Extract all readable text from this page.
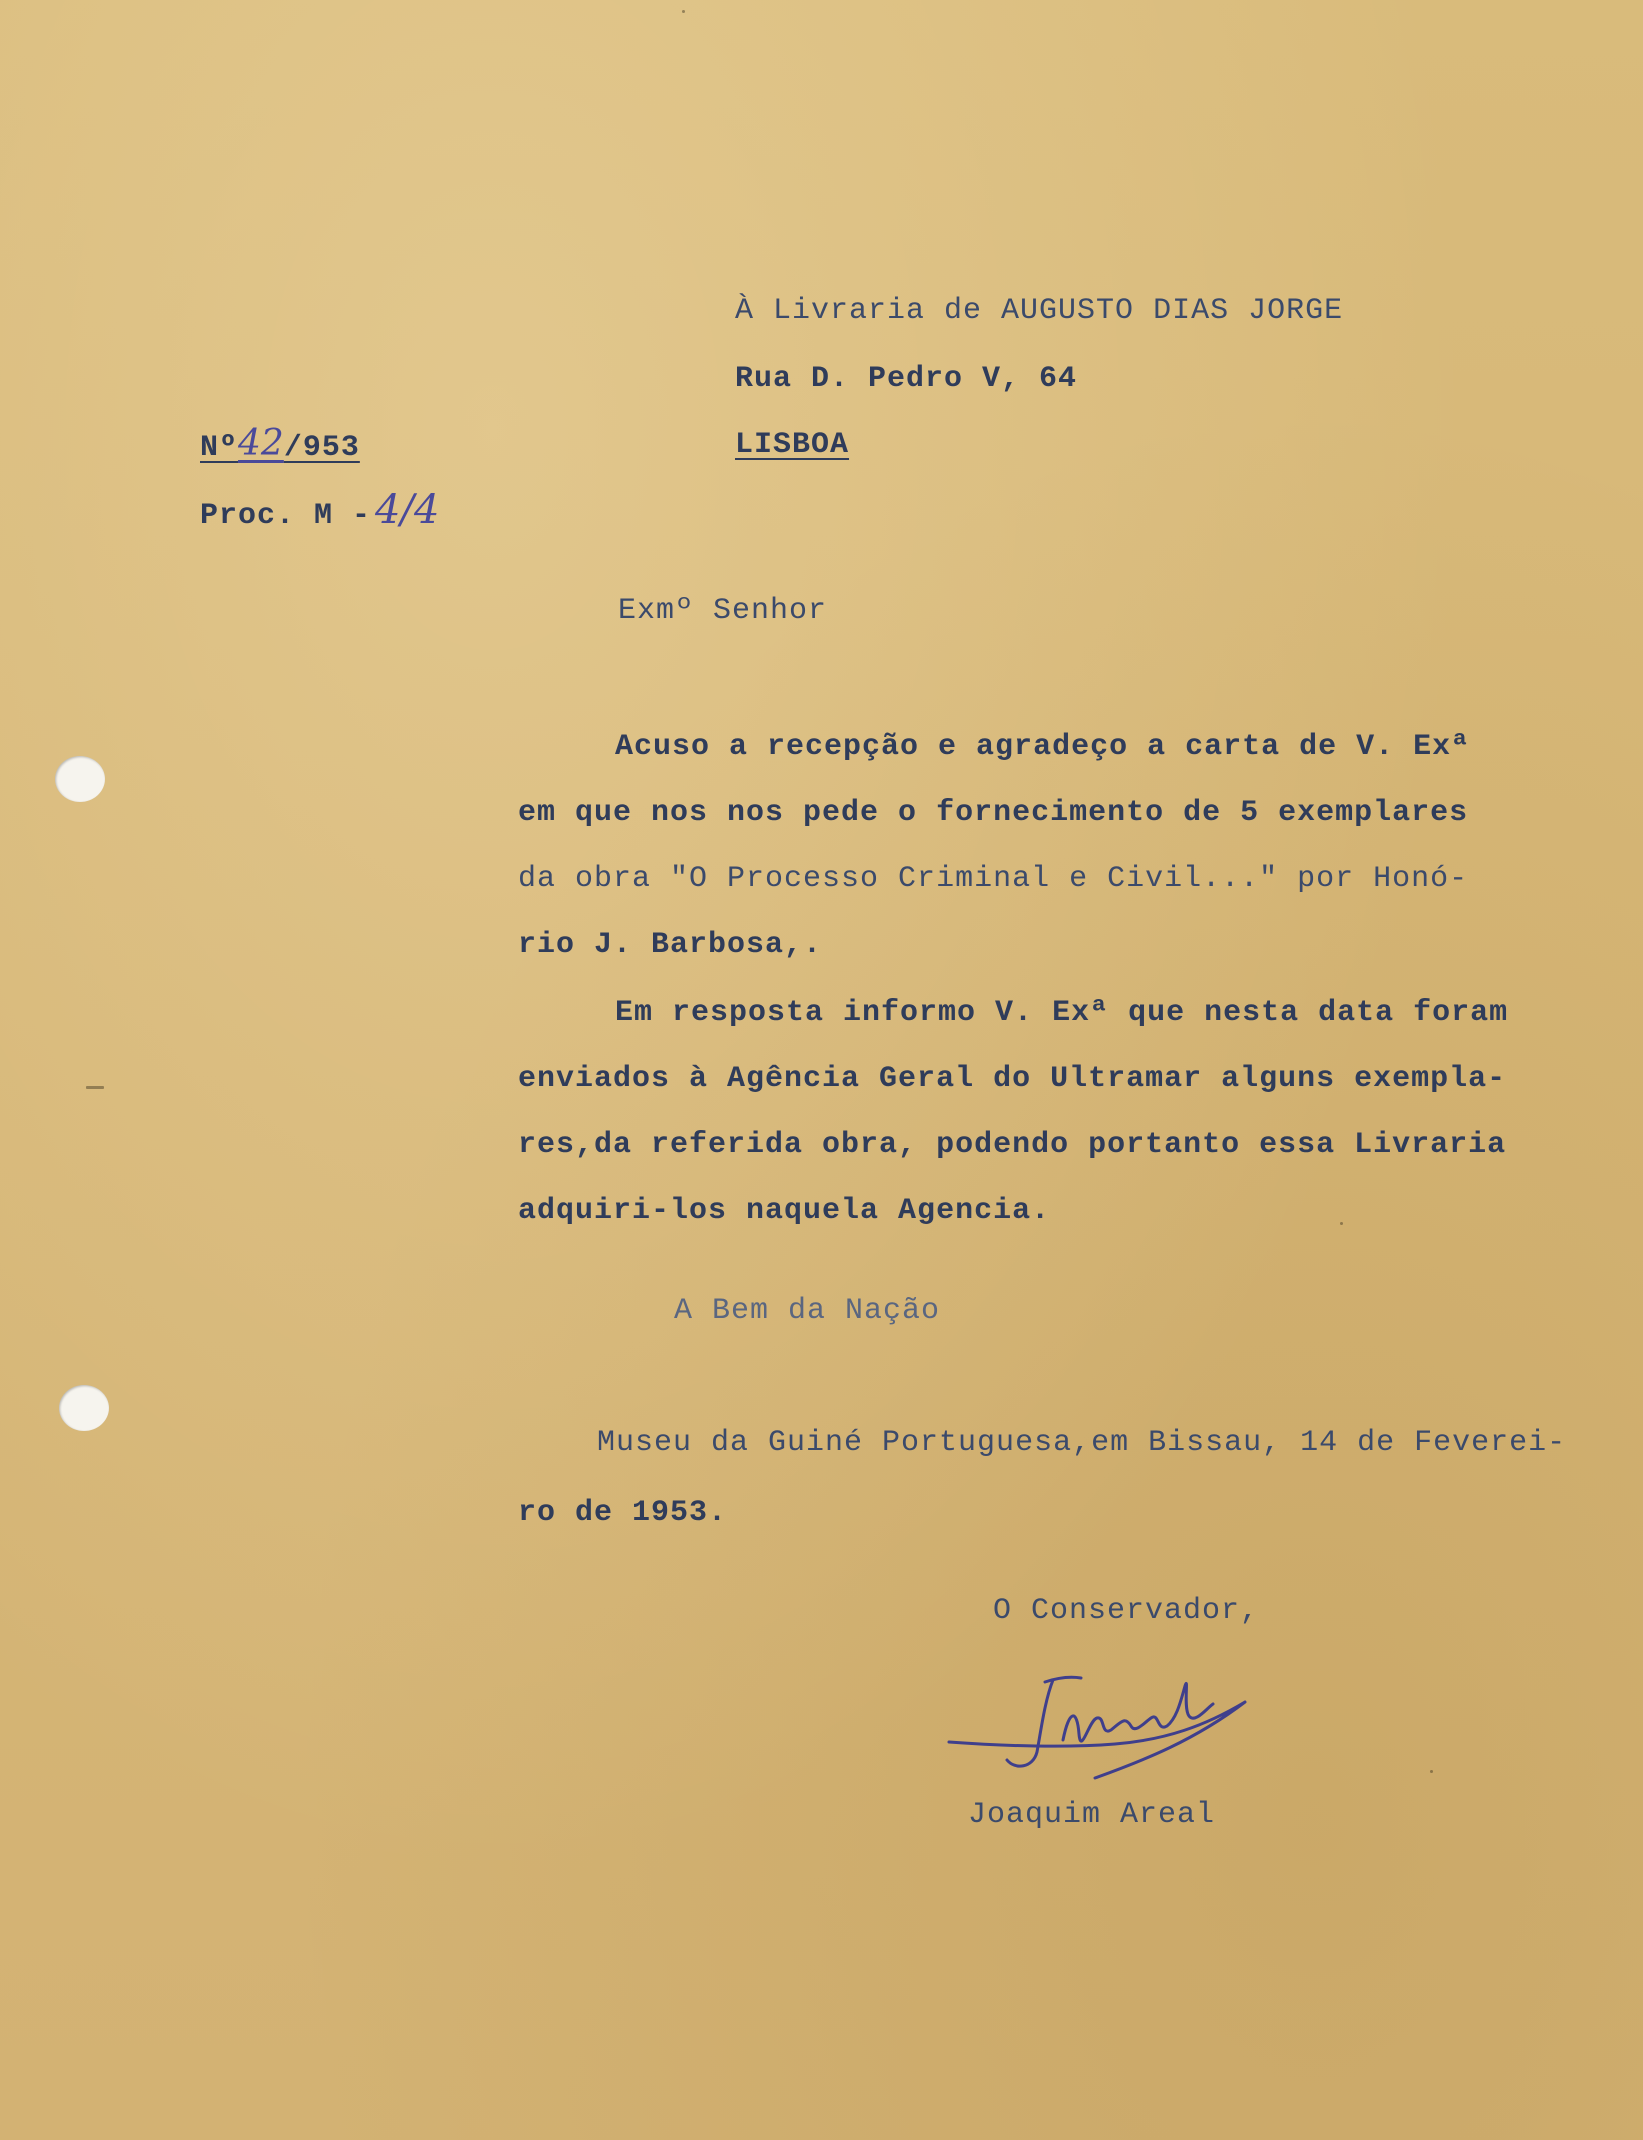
À Livraria de AUGUSTO DIAS JORGE

Rua D. Pedro V, 64

LISBOA

Nº42/953
Proc. M - 4/4

Exmº Senhor

Acuso a recepção e agradeço a carta de V. Exª

em que nos nos pede o fornecimento de 5 exemplares

da obra "O Processo Criminal e Civil..." por Honó-

rio J. Barbosa,.

Em resposta informo V. Exª que nesta data foram

enviados à Agência Geral do Ultramar alguns exempla-

res,da referida obra, podendo portanto essa Livraria

adquiri-los naquela Agencia.

A Bem da Nação

Museu da Guiné Portuguesa,em Bissau, 14 de Feverei-

ro de 1953.

O Conservador,

Joaquim Areal
